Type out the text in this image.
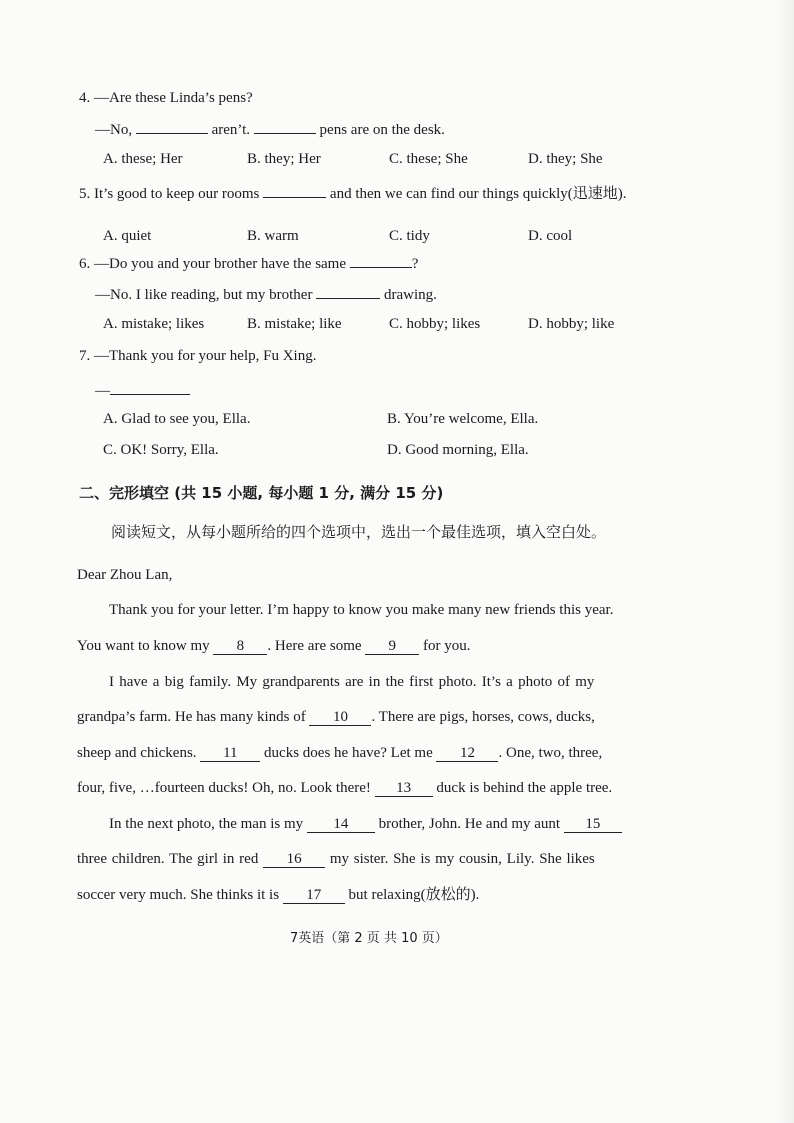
4. —Are these Linda’s pens?
—No,	aren’t.	pens are on the desk.
A. these; Her	B. they; Her	C. these; She	D. they; She
5. It’s good to keep our rooms	and then we can find our things quickly(迅速地).
A. quiet	B. warm	C. tidy	D. cool
6. —Do you and your brother have the same	?
—No. I like reading, but my brother	drawing.
A. mistake; likes	B. mistake; like	C. hobby; likes	D. hobby; like
7. —Thank you for your help, Fu Xing.
—
A. Glad to see you, Ella.	B. You’re welcome, Ella.
C. OK! Sorry, Ella.	D. Good morning, Ella.
二、完形填空 (共 15 小题, 每小题 1 分, 满分 15 分)
阅读短文，从每小题所给的四个选项中，选出一个最佳选项，填入空白处。
Dear Zhou Lan,
Thank you for your letter. I’m happy to know you make many new friends this year.
You want to know my 8 . Here are some 9 for you.
I have a big family. My grandparents are in the first photo. It’s a photo of my
grandpa’s farm. He has many kinds of 10 . There are pigs, horses, cows, ducks,
sheep and chickens. 11 ducks does he have? Let me 12 . One, two, three,
four, five, …fourteen ducks! Oh, no. Look there! 13 duck is behind the apple tree.
In the next photo, the man is my 14 brother, John. He and my aunt 15
three children. The girl in red 16 my sister. She is my cousin, Lily. She likes
soccer very much. She thinks it is 17 but relaxing(放松的).
7英语（第 2 页 共 10 页）
